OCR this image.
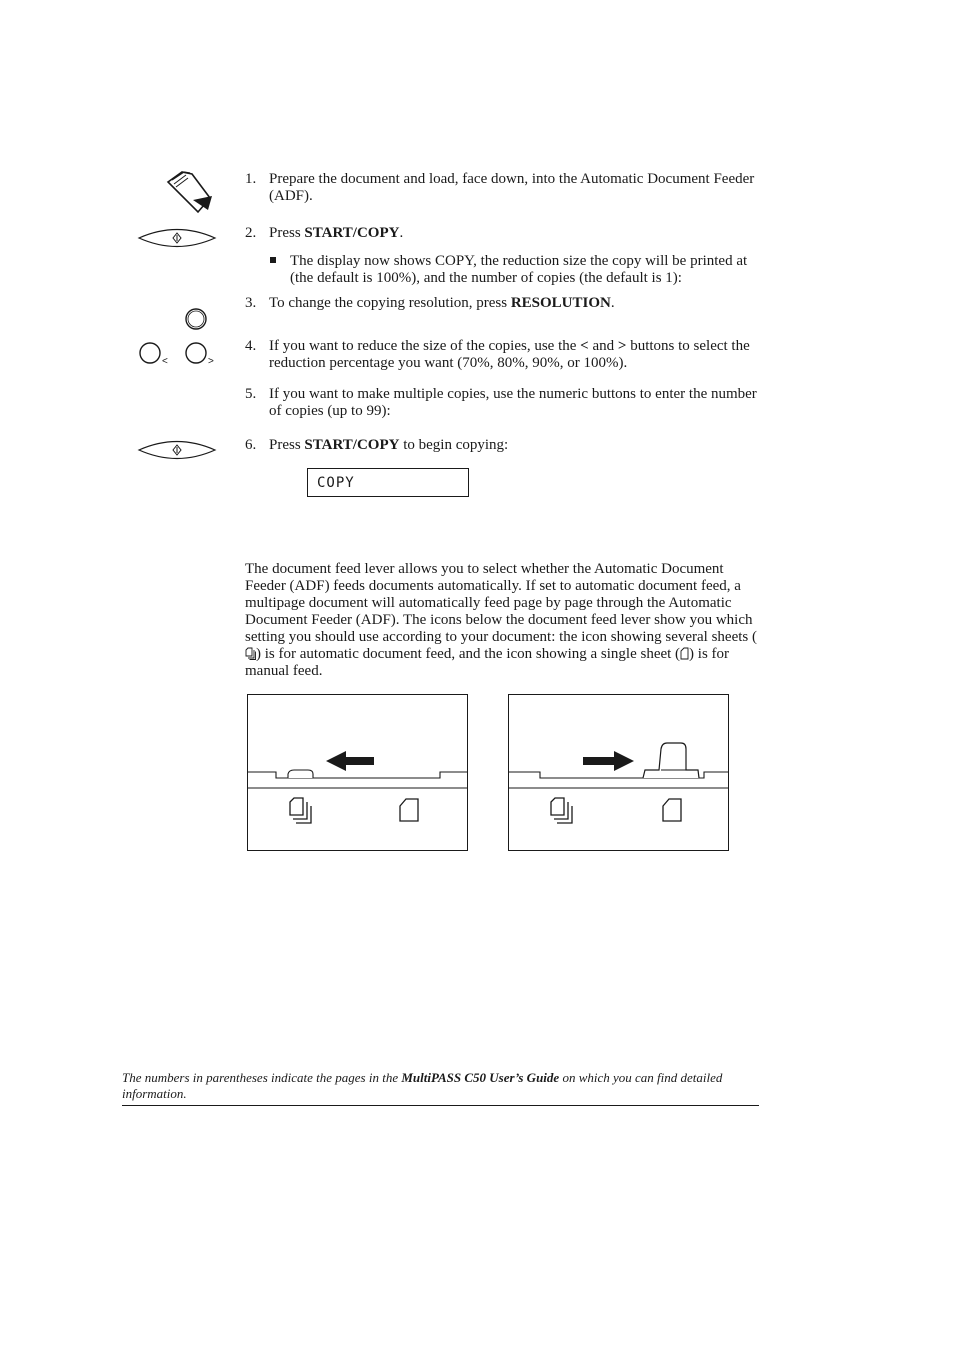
<	>
1. Prepare the document and load, face down, into the Automatic Document Feeder (ADF).
2. Press START/COPY.
The display now shows COPY, the reduction size the copy will be printed at (the default is 100%), and the number of copies (the default is 1):
3. To change the copying resolution, press RESOLUTION.
4. If you want to reduce the size of the copies, use the < and > buttons to select the reduction percentage you want (70%, 80%, 90%, or 100%).
5. If you want to make multiple copies, use the numeric buttons to enter the number of copies (up to 99):
6. Press START/COPY to begin copying:
COPY
The document feed lever allows you to select whether the Automatic Document Feeder (ADF) feeds documents automatically. If set to automatic document feed, a multipage document will automatically feed page by page through the Automatic Document Feeder (ADF). The icons below the document feed lever show you which setting you should use according to your document: the icon showing several sheets () is for automatic document feed, and the icon showing a single sheet ( ) is for manual feed.
The numbers in parentheses indicate the pages in the MultiPASS C50 User’s Guide on which you can find detailed information.
